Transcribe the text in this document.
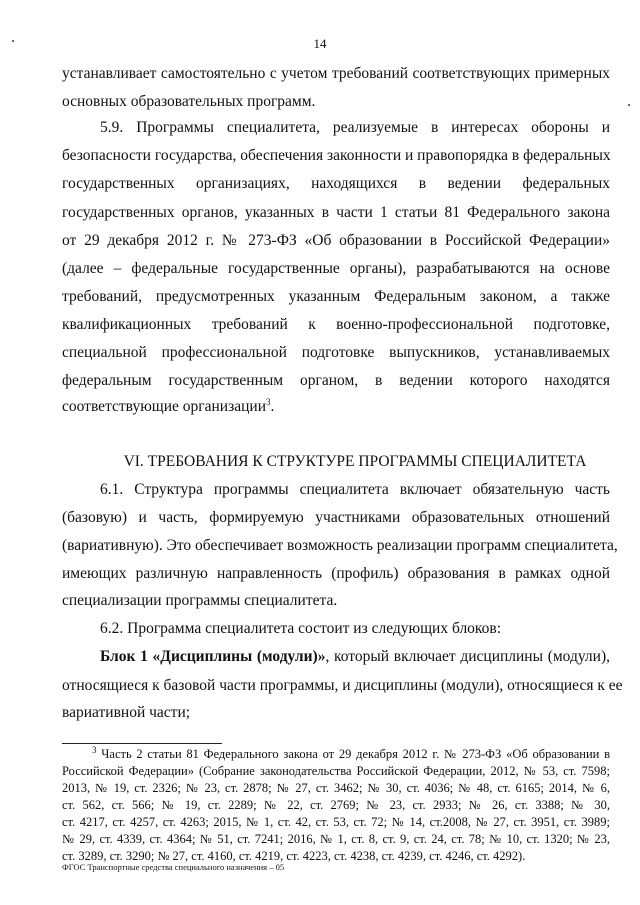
14
устанавливает самостоятельно с учетом требований соответствующих примерных
основных образовательных программ.
5.9. Программы специалитета, реализуемые в интересах обороны и
безопасности государства, обеспечения законности и правопорядка в федеральных
государственных организациях, находящихся в ведении федеральных
государственных органов, указанных в части 1 статьи 81 Федерального закона
от 29 декабря 2012 г. № 273-ФЗ «Об образовании в Российской Федерации»
(далее – федеральные государственные органы), разрабатываются на основе
требований, предусмотренных указанным Федеральным законом, а также
квалификационных требований к военно-профессиональной подготовке,
специальной профессиональной подготовке выпускников, устанавливаемых
федеральным государственным органом, в ведении которого находятся
соответствующие организации$^3$.
VI. ТРЕБОВАНИЯ К СТРУКТУРЕ ПРОГРАММЫ СПЕЦИАЛИТЕТА
6.1. Структура программы специалитета включает обязательную часть
(базовую) и часть, формируемую участниками образовательных отношений
(вариативную). Это обеспечивает возможность реализации программ специалитета,
имеющих различную направленность (профиль) образования в рамках одной
специализации программы специалитета.
6.2. Программа специалитета состоит из следующих блоков:
Блок 1 «Дисциплины (модули)», который включает дисциплины (модули),
относящиеся к базовой части программы, и дисциплины (модули), относящиеся к ее
вариативной части;
$^3$ Часть 2 статьи 81 Федерального закона от 29 декабря 2012 г. № 273-ФЗ «Об образовании в
Российской Федерации» (Собрание законодательства Российской Федерации, 2012, № 53, ст. 7598;
2013, № 19, ст. 2326; № 23, ст. 2878; № 27, ст. 3462; № 30, ст. 4036; № 48, ст. 6165; 2014, № 6,
ст. 562, ст. 566; № 19, ст. 2289; № 22, ст. 2769; № 23, ст. 2933; № 26, ст. 3388; № 30,
ст. 4217, ст. 4257, ст. 4263; 2015, № 1, ст. 42, ст. 53, ст. 72; № 14, ст.2008, № 27, ст. 3951, ст. 3989;
№ 29, ст. 4339, ст. 4364; № 51, ст. 7241; 2016, № 1, ст. 8, ст. 9, ст. 24, ст. 78; № 10, ст. 1320; № 23,
ст. 3289, ст. 3290; № 27, ст. 4160, ст. 4219, ст. 4223, ст. 4238, ст. 4239, ст. 4246, ст. 4292).
ФГОС Транспортные средства специального назначения – 05
